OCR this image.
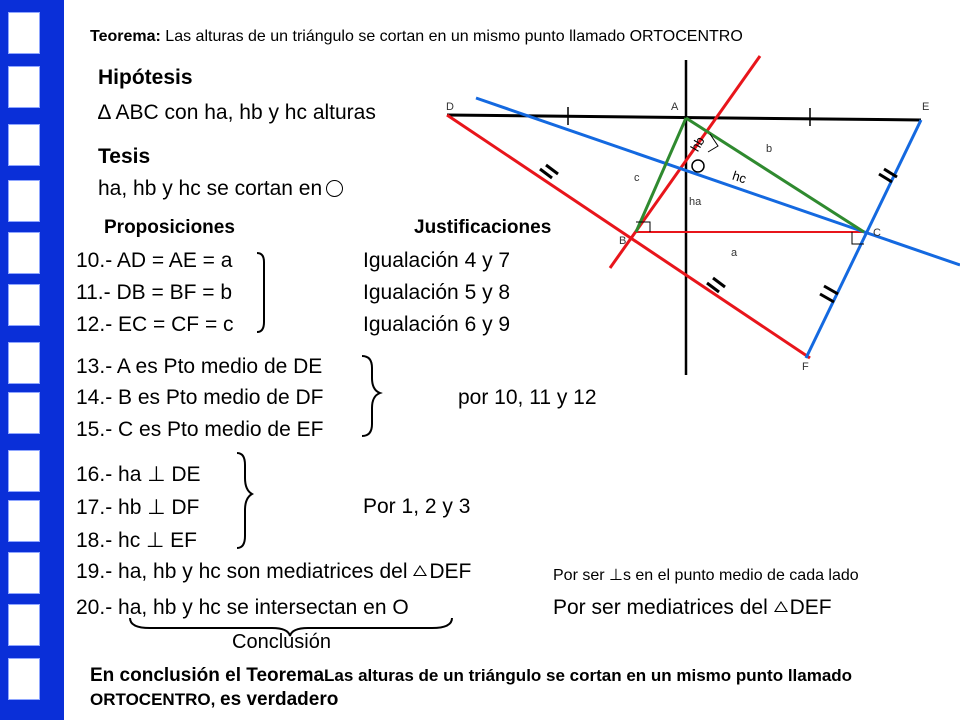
Teorema: Las alturas de un triángulo se cortan en un mismo punto llamado ORTOCENTRO
Hipótesis
∆ ABC con ha, hb y hc alturas
Tesis
ha, hb y hc se cortan en
Proposiciones	Justificaciones
10.- AD = AE = a	Igualación 4 y 7
11.- DB = BF = b	Igualación 5 y 8
12.- EC = CF = c	Igualación 6 y 9
13.- A es Pto medio de DE
14.- B es Pto medio de DF	por 10, 11 y 12
15.- C es Pto medio de EF
16.- ha ⊥ DE
17.- hb ⊥ DF	Por 1, 2 y 3
18.- hc ⊥ EF
19.- ha, hb y hc son mediatrices del DEF	Por ser ⊥s en el punto medio de cada lado
20.- ha, hb y hc se intersectan en O	Por ser mediatrices del DEF
Conclusión
En conclusión el TeoremaLas alturas de un triángulo se cortan en un mismo punto llamado ORTOCENTRO, es verdadero
D	A	E
B
C
F
a
b
c
ha
hb
hc
